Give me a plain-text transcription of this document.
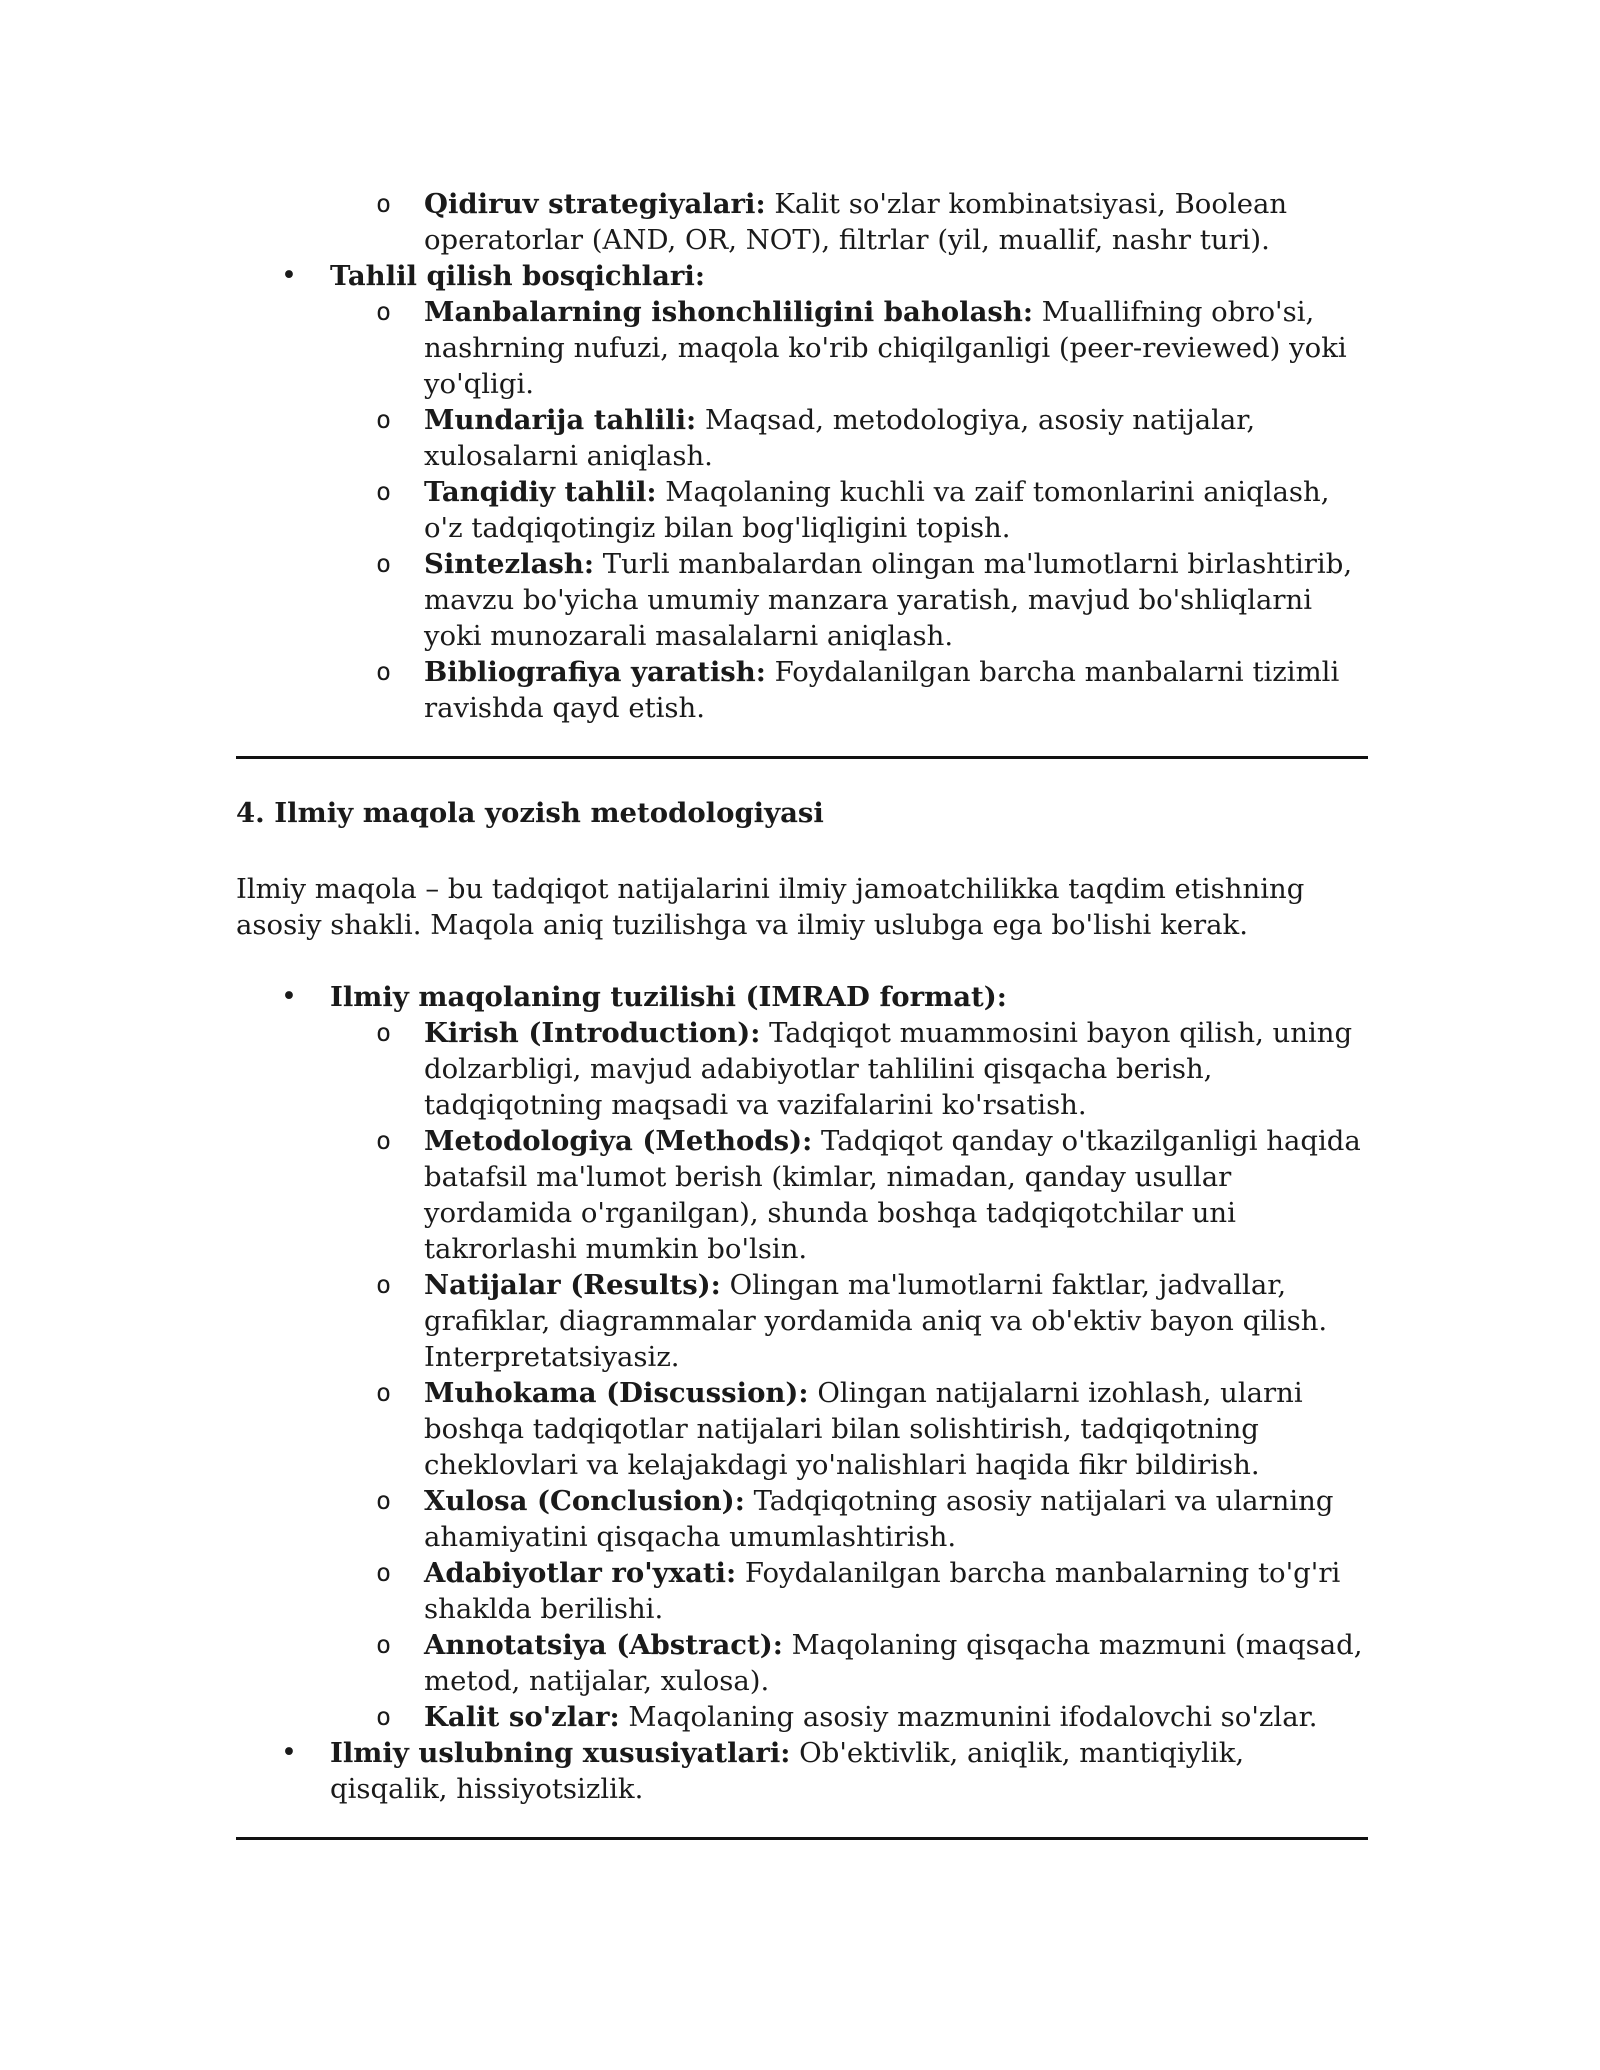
o Qidiruv strategiyalari: Kalit so'zlar kombinatsiyasi, Boolean operatorlar (AND, OR, NOT), filtrlar (yil, muallif, nashr turi).
• Tahlil qilish bosqichlari:
o Manbalarning ishonchliligini baholash: Muallifning obro'si, nashrning nufuzi, maqola ko'rib chiqilganligi (peer-reviewed) yoki yo'qligi.
o Mundarija tahlili: Maqsad, metodologiya, asosiy natijalar, xulosalarni aniqlash.
o Tanqidiy tahlil: Maqolaning kuchli va zaif tomonlarini aniqlash, o'z tadqiqotingiz bilan bog'liqligini topish.
o Sintezlash: Turli manbalardan olingan ma'lumotlarni birlashtirib, mavzu bo'yicha umumiy manzara yaratish, mavjud bo'shliqlarni yoki munozarali masalalarni aniqlash.
o Bibliografiya yaratish: Foydalanilgan barcha manbalarni tizimli ravishda qayd etish.
4. Ilmiy maqola yozish metodologiyasi
Ilmiy maqola – bu tadqiqot natijalarini ilmiy jamoatchilikka taqdim etishning asosiy shakli. Maqola aniq tuzilishga va ilmiy uslubga ega bo'lishi kerak.
• Ilmiy maqolaning tuzilishi (IMRAD format):
o Kirish (Introduction): Tadqiqot muammosini bayon qilish, uning dolzarbligi, mavjud adabiyotlar tahlilini qisqacha berish, tadqiqotning maqsadi va vazifalarini ko'rsatish.
o Metodologiya (Methods): Tadqiqot qanday o'tkazilganligi haqida batafsil ma'lumot berish (kimlar, nimadan, qanday usullar yordamida o'rganilgan), shunda boshqa tadqiqotchilar uni takrorlashi mumkin bo'lsin.
o Natijalar (Results): Olingan ma'lumotlarni faktlar, jadvallar, grafiklar, diagrammalar yordamida aniq va ob'ektiv bayon qilish. Interpretatsiyasiz.
o Muhokama (Discussion): Olingan natijalarni izohlash, ularni boshqa tadqiqotlar natijalari bilan solishtirish, tadqiqotning cheklovlari va kelajakdagi yo'nalishlari haqida fikr bildirish.
o Xulosa (Conclusion): Tadqiqotning asosiy natijalari va ularning ahamiyatini qisqacha umumlashtirish.
o Adabiyotlar ro'yxati: Foydalanilgan barcha manbalarning to'g'ri shaklda berilishi.
o Annotatsiya (Abstract): Maqolaning qisqacha mazmuni (maqsad, metod, natijalar, xulosa).
o Kalit so'zlar: Maqolaning asosiy mazmunini ifodalovchi so'zlar.
• Ilmiy uslubning xususiyatlari: Ob'ektivlik, aniqlik, mantiqiylik, qisqalik, hissiyotsizlik.
